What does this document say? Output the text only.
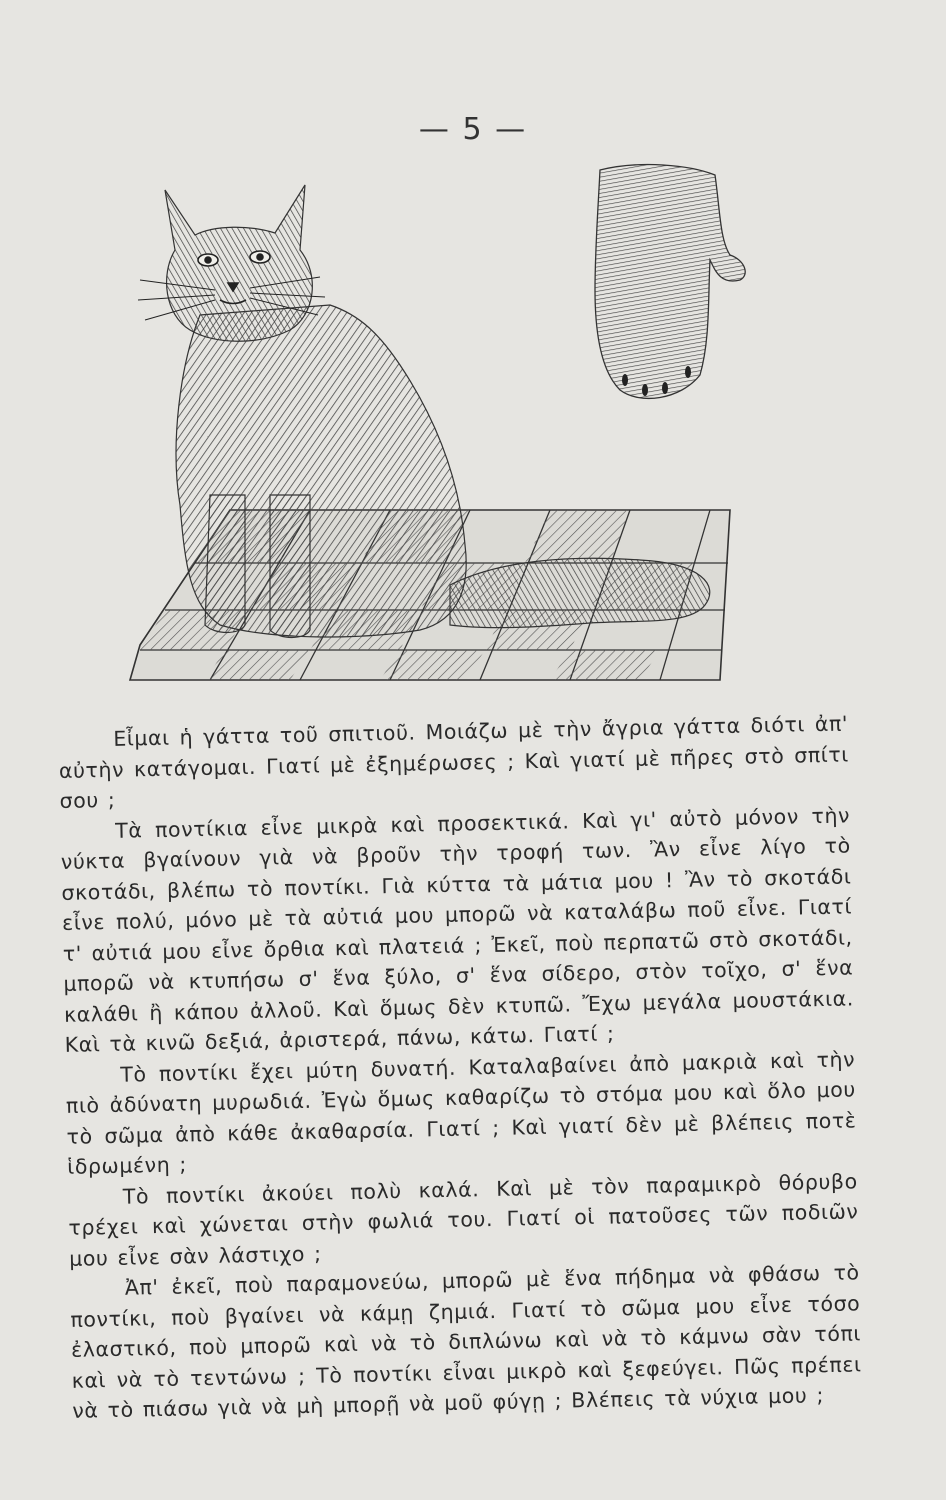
— 5 —

Εἶμαι ἡ γάττα τοῦ σπιτιοῦ. Μοιάζω μὲ τὴν ἄγρια γάττα διότι ἀπ' αὐτὴν κατάγομαι. Γιατί μὲ ἐξημέρωσες ; Καὶ γιατί μὲ πῆρες στὸ σπίτι σου ;

Τὰ ποντίκια εἶνε μικρὰ καὶ προσεκτικά. Καὶ γι' αὐτὸ μόνον τὴν νύκτα βγαίνουν γιὰ νὰ βροῦν τὴν τροφή των. Ἂν εἶνε λίγο τὸ σκοτάδι, βλέπω τὸ ποντίκι. Γιὰ κύττα τὰ μάτια μου ! Ἂν τὸ σκοτάδι εἶνε πολύ, μόνο μὲ τὰ αὐτιά μου μπορῶ νὰ καταλάβω ποῦ εἶνε. Γιατί τ' αὐτιά μου εἶνε ὄρθια καὶ πλατειά ; Ἐκεῖ, ποὺ περπατῶ στὸ σκοτάδι, μπορῶ νὰ κτυπήσω σ' ἕνα ξύλο, σ' ἕνα σίδερο, στὸν τοῖχο, σ' ἕνα καλάθι ἢ κάπου ἀλλοῦ. Καὶ ὅμως δὲν κτυπῶ. Ἔχω μεγάλα μουστάκια. Καὶ τὰ κινῶ δεξιά, ἀριστερά, πάνω, κάτω. Γιατί ;

Τὸ ποντίκι ἔχει μύτη δυνατή. Καταλαβαίνει ἀπὸ μακριὰ καὶ τὴν πιὸ ἀδύνατη μυρωδιά. Ἐγὼ ὅμως καθαρίζω τὸ στόμα μου καὶ ὅλο μου τὸ σῶμα ἀπὸ κάθε ἀκαθαρσία. Γιατί ; Καὶ γιατί δὲν μὲ βλέπεις ποτὲ ἱδρωμένη ;

Τὸ ποντίκι ἀκούει πολὺ καλά. Καὶ μὲ τὸν παραμικρὸ θόρυβο τρέχει καὶ χώνεται στὴν φωλιά του. Γιατί οἱ πατοῦσες τῶν ποδιῶν μου εἶνε σὰν λάστιχο ;

Ἀπ' ἐκεῖ, ποὺ παραμονεύω, μπορῶ μὲ ἕνα πήδημα νὰ φθάσω τὸ ποντίκι, ποὺ βγαίνει νὰ κάμῃ ζημιά. Γιατί τὸ σῶμα μου εἶνε τόσο ἐλαστικό, ποὺ μπορῶ καὶ νὰ τὸ διπλώνω καὶ νὰ τὸ κάμνω σὰν τόπι καὶ νὰ τὸ τεντώνω ; Τὸ ποντίκι εἶναι μικρὸ καὶ ξεφεύγει. Πῶς πρέπει νὰ τὸ πιάσω γιὰ νὰ μὴ μπορῇ νὰ μοῦ φύγῃ ; Βλέπεις τὰ νύχια μου ;
